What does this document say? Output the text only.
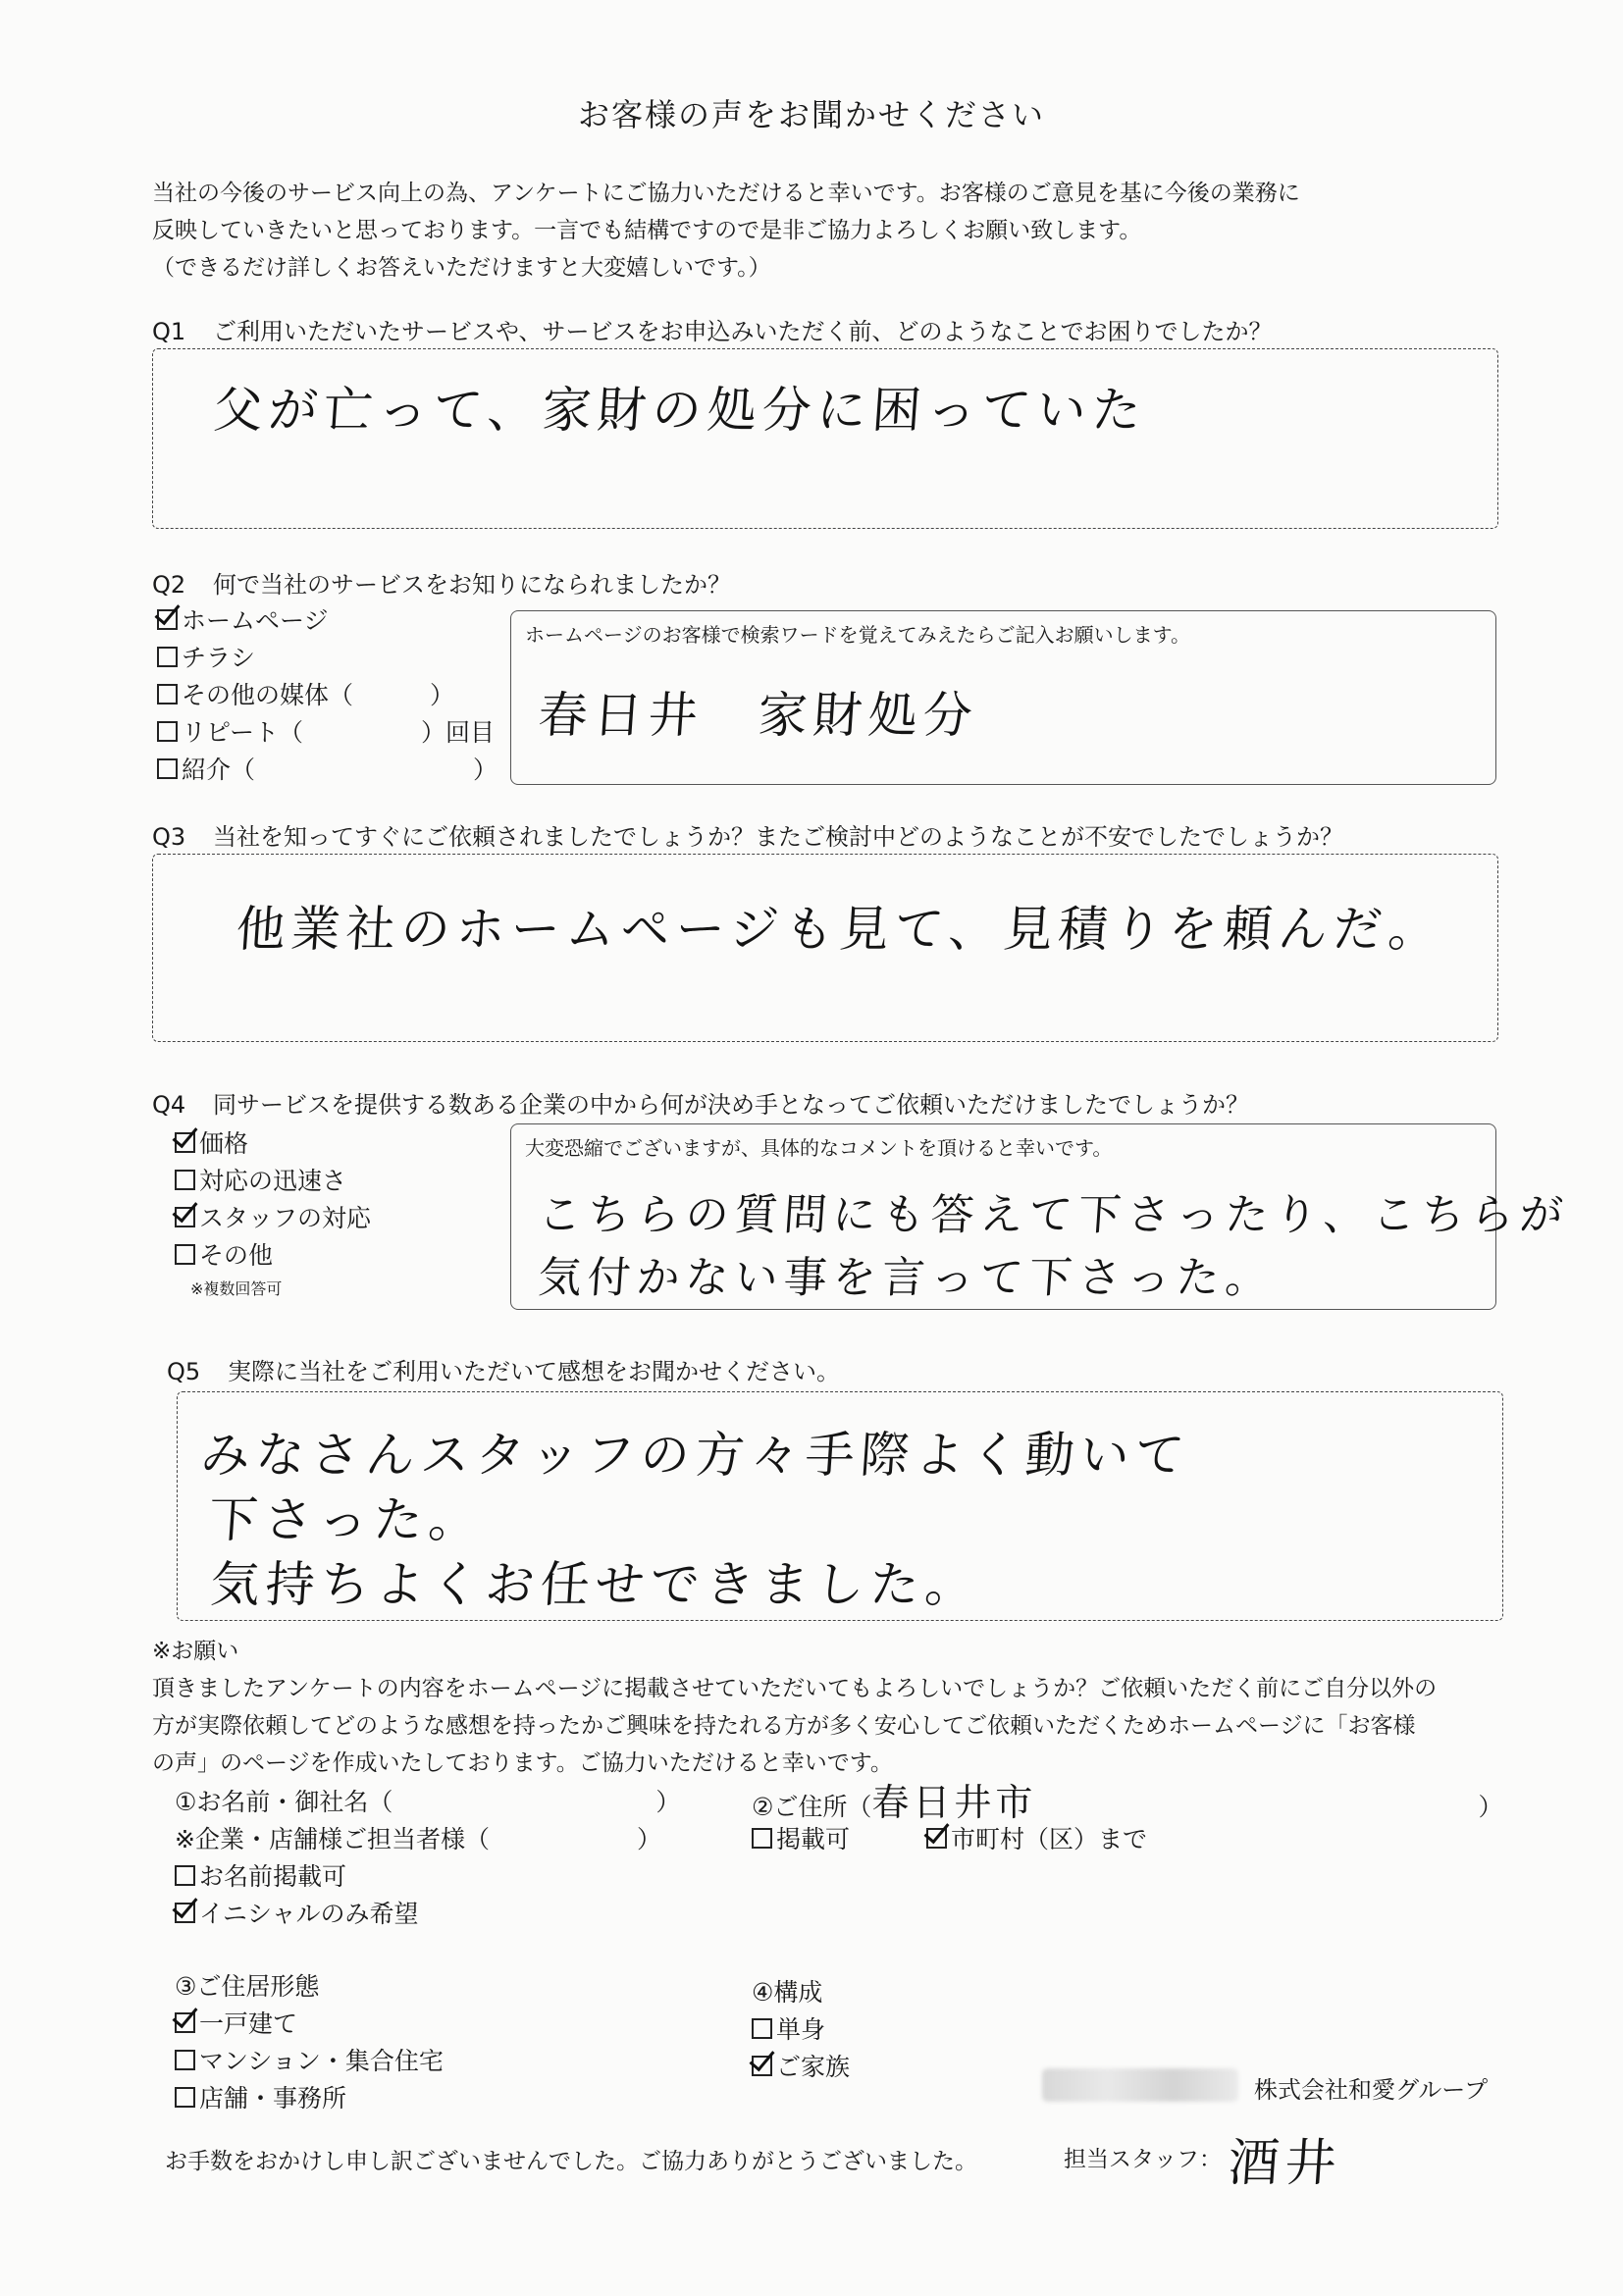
お客様の声をお聞かせください
当社の今後のサービス向上の為、アンケートにご協力いただけると幸いです。お客様のご意見を基に今後の業務に
反映していきたいと思っております。一言でも結構ですので是非ご協力よろしくお願い致します。
（できるだけ詳しくお答えいただけますと大変嬉しいです。）
Q1 ご利用いただいたサービスや、サービスをお申込みいただく前、どのようなことでお困りでしたか？
父が亡って、家財の処分に困っていた
Q2 何で当社のサービスをお知りになられましたか？
ホームページ
チラシ
その他の媒体（	）
リピート（	）回目
紹介（	）
ホームページのお客様で検索ワードを覚えてみえたらご記入お願いします。
春日井　家財処分
Q3 当社を知ってすぐにご依頼されましたでしょうか？またご検討中どのようなことが不安でしたでしょうか？
他業社のホームページも見て、見積りを頼んだ。
Q4 同サービスを提供する数ある企業の中から何が決め手となってご依頼いただけましたでしょうか？
価格
対応の迅速さ
スタッフの対応
その他
※複数回答可
大変恐縮でございますが、具体的なコメントを頂けると幸いです。
こちらの質問にも答えて下さったり、こちらが
気付かない事を言って下さった。
Q5 実際に当社をご利用いただいて感想をお聞かせください。
みなさんスタッフの方々手際よく動いて
下さった。
気持ちよくお任せできました。
※お願い
頂きましたアンケートの内容をホームページに掲載させていただいてもよろしいでしょうか？ご依頼いただく前にご自分以外の
方が実際依頼してどのような感想を持ったかご興味を持たれる方が多く安心してご依頼いただくためホームページに「お客様
の声」のページを作成いたしております。ご協力いただけると幸いです。
①お名前・御社名（	）
※企業・店舗様ご担当者様（	）
お名前掲載可
イニシャルのみ希望
②ご住所（春日井市	）
掲載可	市町村（区）まで
③ご住居形態
一戸建て
マンション・集合住宅
店舗・事務所
④構成
単身
ご家族
株式会社和愛グループ
お手数をおかけし申し訳ございませんでした。ご協力ありがとうございました。	担当スタッフ： 酒井
